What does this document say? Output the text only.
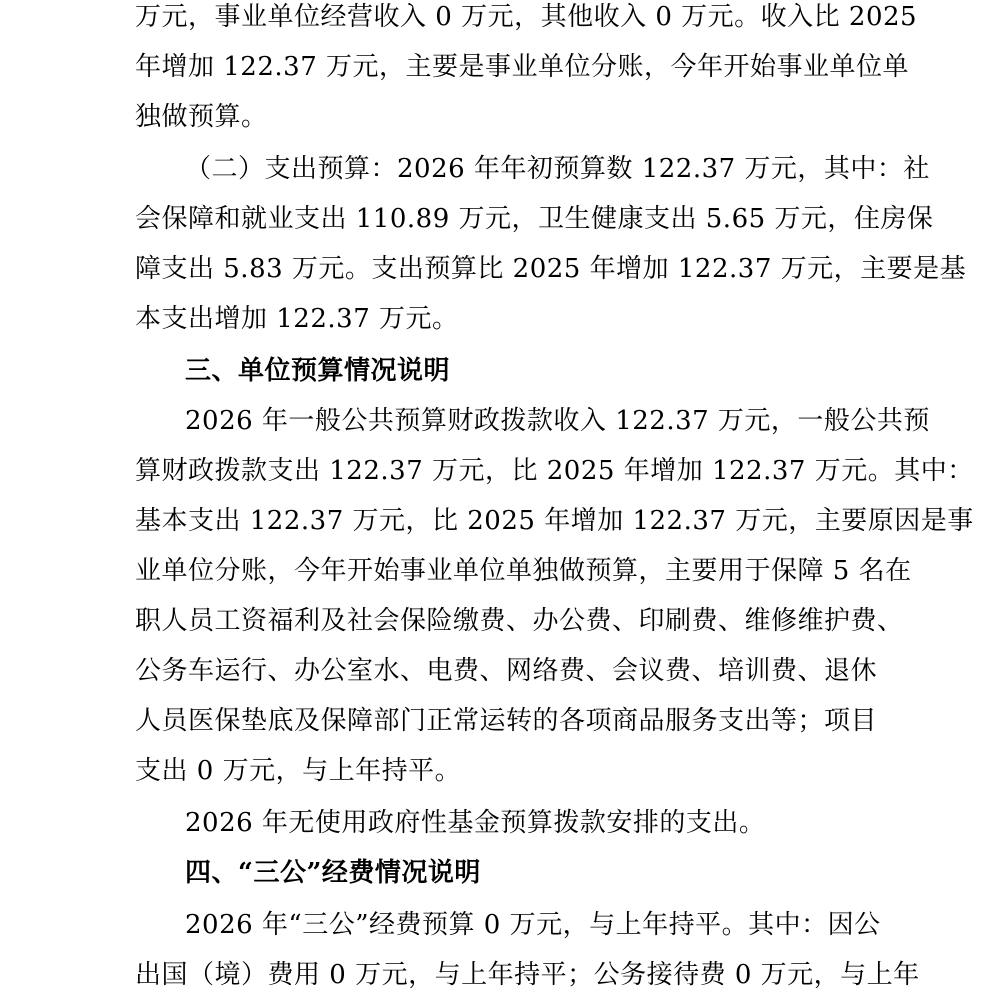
万元，事业单位经营收入 0 万元，其他收入 0 万元。收入比 2025
年增加 122.37 万元，主要是事业单位分账，今年开始事业单位单
独做预算。
（二）支出预算：2026 年年初预算数 122.37 万元，其中：社
会保障和就业支出 110.89 万元，卫生健康支出 5.65 万元，住房保
障支出 5.83 万元。支出预算比 2025 年增加 122.37 万元，主要是基
本支出增加 122.37 万元。
三、单位预算情况说明
2026 年一般公共预算财政拨款收入 122.37 万元，一般公共预
算财政拨款支出 122.37 万元，比 2025 年增加 122.37 万元。其中：
基本支出 122.37 万元，比 2025 年增加 122.37 万元，主要原因是事
业单位分账，今年开始事业单位单独做预算，主要用于保障 5 名在
职人员工资福利及社会保险缴费、办公费、印刷费、维修维护费、
公务车运行、办公室水、电费、网络费、会议费、培训费、退休
人员医保垫底及保障部门正常运转的各项商品服务支出等；项目
支出 0 万元，与上年持平。
2026 年无使用政府性基金预算拨款安排的支出。
四、“三公”经费情况说明
2026 年“三公”经费预算 0 万元，与上年持平。其中：因公
出国（境）费用 0 万元，与上年持平；公务接待费 0 万元，与上年
